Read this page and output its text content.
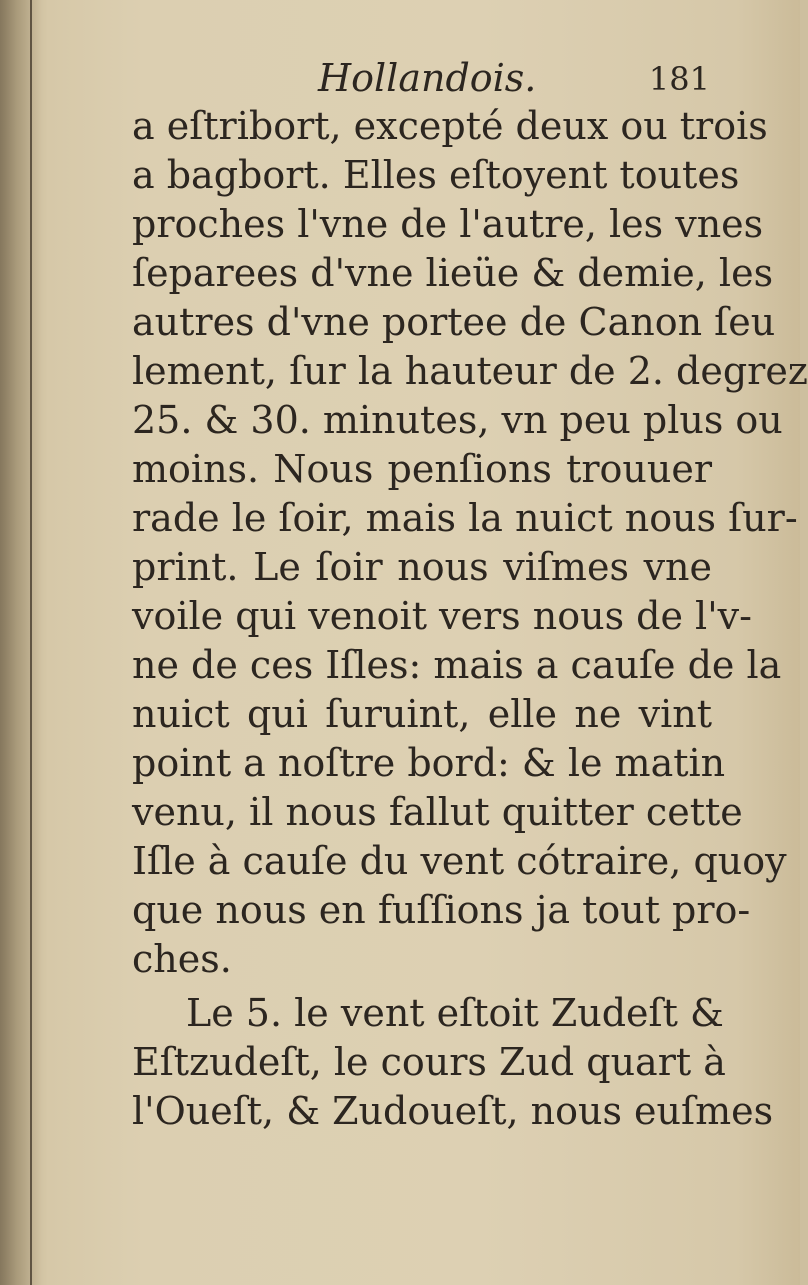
Hollandois.	181
a eſtribort, excepté deux ou trois
a bagbort. Elles eſtoyent toutes
proches l'vne de l'autre, les vnes
ſeparees d'vne lieüe & demie, les
autres d'vne portee de Canon ſeu
lement, ſur la hauteur de 2. degrez
25. & 30. minutes, vn peu plus ou
moins. Nous penſions trouuer
rade le ſoir, mais la nuict nous ſur-
print. Le ſoir nous viſmes vne
voile qui venoit vers nous de l'v-
ne de ces Iſles: mais a cauſe de la
nuict qui ſuruint, elle ne vint
point a noſtre bord: & le matin
venu, il nous fallut quitter cette
Iſle à cauſe du vent cótraire, quoy
que nous en fuſſions ja tout pro-
ches.
Le 5. le vent eſtoit Zudeſt &
Eſtzudeſt, le cours Zud quart à
l'Oueſt, & Zudoueſt, nous euſmes
